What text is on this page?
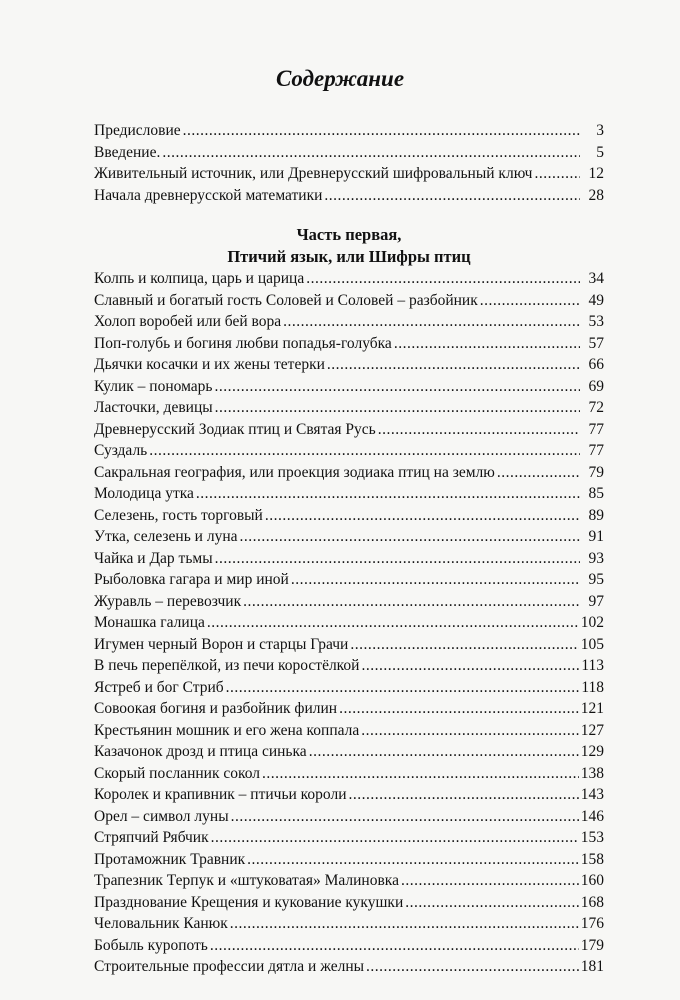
Содержание
Предисловие .....	3
Введение. .....	5
Живительный источник, или Древнерусский шифровальный ключ .....	12
Начала древнерусской математики .....	28
Часть первая,
Птичий язык, или Шифры птиц
Колпь и колпица, царь и царица .....	34
Славный и богатый гость Соловей и Соловей – разбойник .....	49
Холоп воробей или бей вора .....	53
Поп-голубь и богиня любви попадья-голубка .....	57
Дьячки косачки и их жены тетерки .....	66
Кулик – пономарь .....	69
Ласточки, девицы .....	72
Древнерусский Зодиак птиц и Святая Русь .....	77
Суздаль .....	77
Сакральная география, или проекция зодиака птиц на землю .....	79
Молодица утка .....	85
Селезень, гость торговый .....	89
Утка, селезень и луна .....	91
Чайка и Дар тьмы .....	93
Рыболовка гагара и мир иной .....	95
Журавль – перевозчик .....	97
Монашка галица .....	102
Игумен черный Ворон и старцы Грачи .....	105
В печь перепёлкой, из печи коростёлкой .....	113
Ястреб и бог Стриб .....	118
Совоокая богиня и разбойник филин .....	121
Крестьянин мошник и его жена коппала .....	127
Казачонок дрозд и птица синька .....	129
Скорый посланник сокол .....	138
Королек и крапивник – птичьи короли .....	143
Орел – символ луны .....	146
Стряпчий Рябчик .....	153
Протаможник Травник .....	158
Трапезник Терпук и «штуковатая» Малиновка .....	160
Празднование Крещения и кукование кукушки .....	168
Человальник Канюк .....	176
Бобыль куропоть .....	179
Строительные профессии дятла и желны .....	181
